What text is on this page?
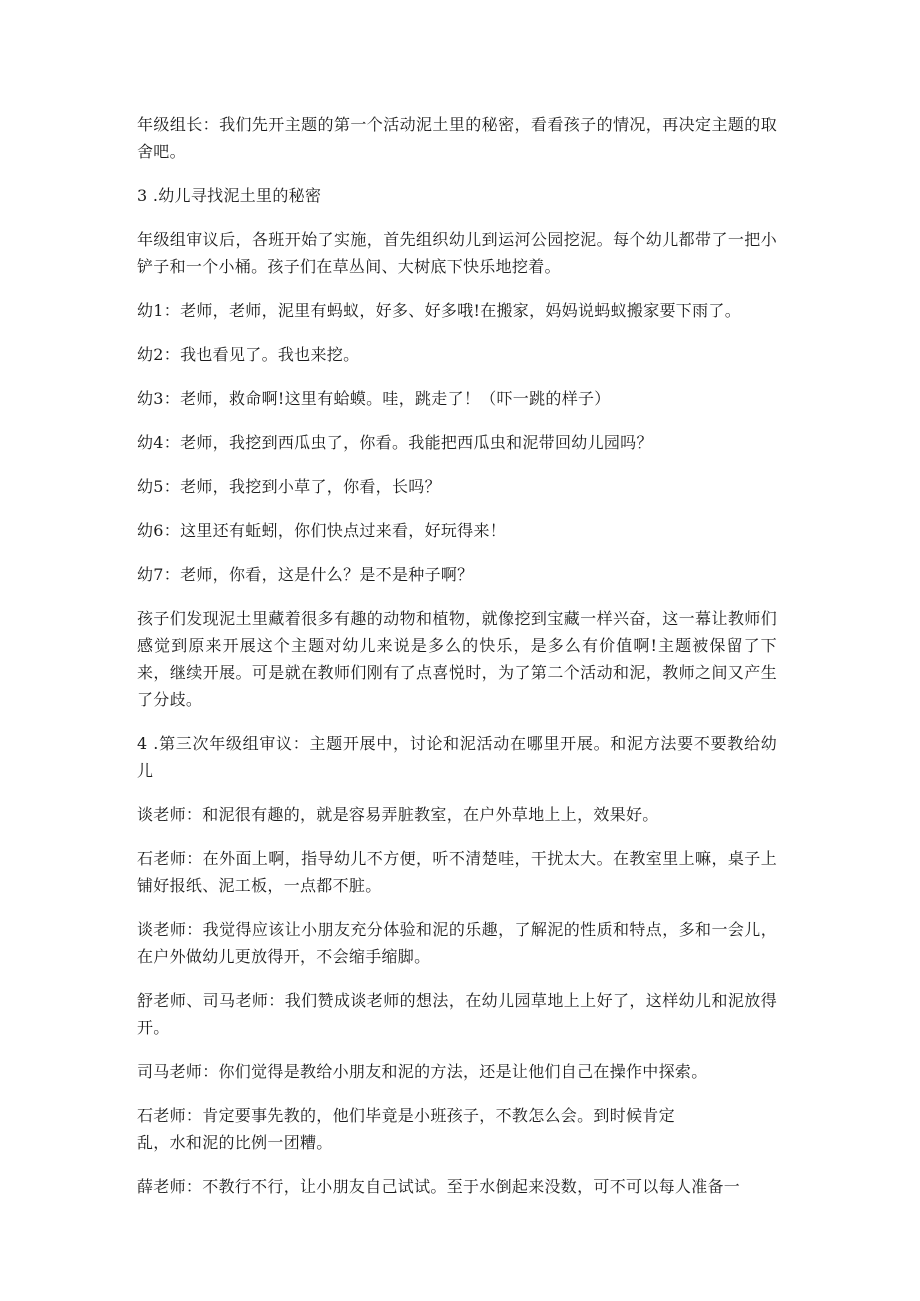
年级组长：我们先开主题的第一个活动泥土里的秘密，看看孩子的情况，再决定主题的取舍吧。

3 .幼儿寻找泥土里的秘密

年级组审议后，各班开始了实施，首先组织幼儿到运河公园挖泥。每个幼儿都带了一把小铲子和一个小桶。孩子们在草丛间、大树底下快乐地挖着。

幼1：老师，老师，泥里有蚂蚁，好多、好多哦!在搬家，妈妈说蚂蚁搬家要下雨了。

幼2：我也看见了。我也来挖。

幼3：老师，救命啊!这里有蛤蟆。哇，跳走了！（吓一跳的样子）

幼4：老师，我挖到西瓜虫了，你看。我能把西瓜虫和泥带回幼儿园吗？

幼5：老师，我挖到小草了，你看，长吗？

幼6：这里还有蚯蚓，你们快点过来看，好玩得来！

幼7：老师，你看，这是什么？是不是种子啊？

孩子们发现泥土里藏着很多有趣的动物和植物，就像挖到宝藏一样兴奋，这一幕让教师们感觉到原来开展这个主题对幼儿来说是多么的快乐，是多么有价值啊!主题被保留了下来，继续开展。可是就在教师们刚有了点喜悦时，为了第二个活动和泥，教师之间又产生了分歧。

4 .第三次年级组审议：主题开展中，讨论和泥活动在哪里开展。和泥方法要不要教给幼儿

谈老师：和泥很有趣的，就是容易弄脏教室，在户外草地上上，效果好。

石老师：在外面上啊，指导幼儿不方便，听不清楚哇，干扰太大。在教室里上嘛，桌子上铺好报纸、泥工板，一点都不脏。

谈老师：我觉得应该让小朋友充分体验和泥的乐趣，了解泥的性质和特点，多和一会儿，在户外做幼儿更放得开，不会缩手缩脚。

舒老师、司马老师：我们赞成谈老师的想法，在幼儿园草地上上好了，这样幼儿和泥放得开。

司马老师：你们觉得是教给小朋友和泥的方法，还是让他们自己在操作中探索。

石老师：肯定要事先教的，他们毕竟是小班孩子，不教怎么会。到时候肯定

乱，水和泥的比例一团糟。

薛老师：不教行不行，让小朋友自己试试。至于水倒起来没数，可不可以每人准备一
